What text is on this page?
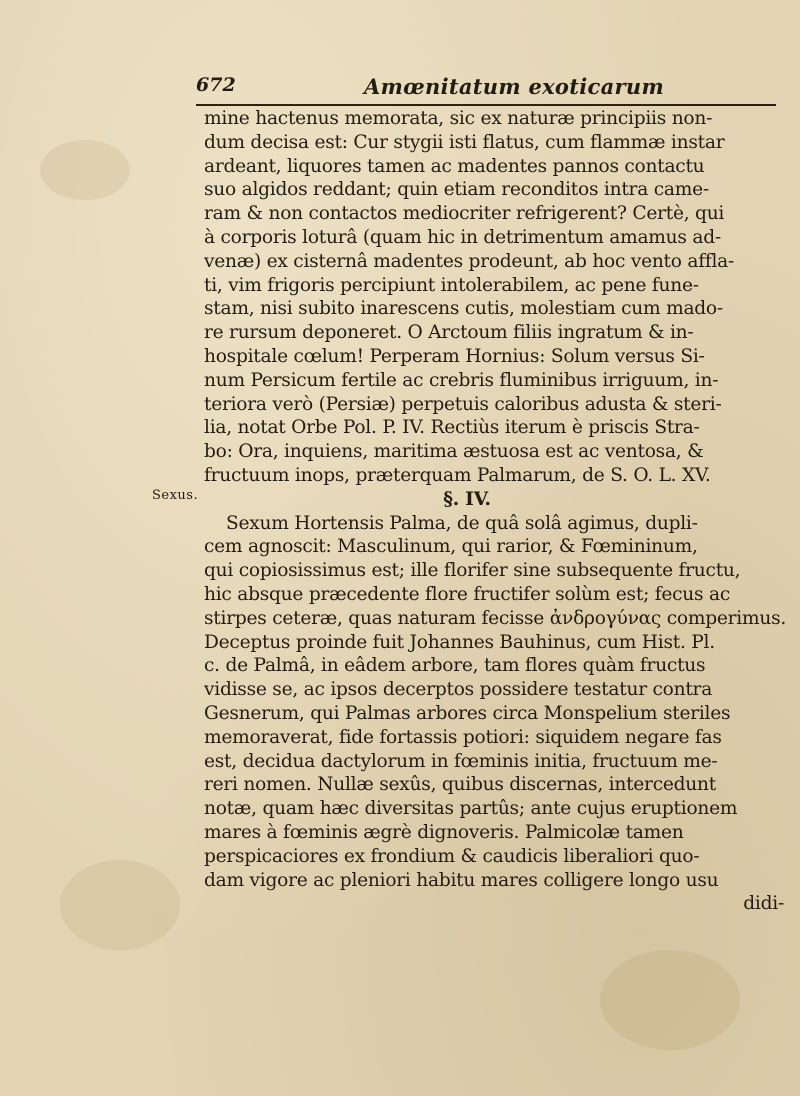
672	Amœnitatum exoticarum
Sexus.
mine hactenus memorata, sic ex naturæ principiis non-
dum decisa est: Cur stygii isti flatus, cum flammæ instar
ardeant, liquores tamen ac madentes pannos contactu
suo algidos reddant; quin etiam reconditos intra came-
ram & non contactos mediocriter refrigerent? Certè, qui
à corporis loturâ (quam hic in detrimentum amamus ad-
venæ) ex cisternâ madentes prodeunt, ab hoc vento affla-
ti, vim frigoris percipiunt intolerabilem, ac pene fune-
stam, nisi subito inarescens cutis, molestiam cum mado-
re rursum deponeret. O Arctoum filiis ingratum & in-
hospitale cœlum! Perperam Hornius: Solum versus Si-
num Persicum fertile ac crebris fluminibus irriguum, in-
teriora verò (Persiæ) perpetuis caloribus adusta & steri-
lia, notat Orbe Pol. P. IV. Rectiùs iterum è priscis Stra-
bo: Ora, inquiens, maritima æstuosa est ac ventosa, &
fructuum inops, præterquam Palmarum, de S. O. L. XV.
§. IV.
Sexum Hortensis Palma, de quâ solâ agimus, dupli-
cem agnoscit: Masculinum, qui rarior, & Fœmininum,
qui copiosissimus est; ille florifer sine subsequente fructu,
hic absque præcedente flore fructifer solùm est; fecus ac
stirpes ceteræ, quas naturam fecisse ἀνδρογύνας comperimus.
Deceptus proinde fuit Johannes Bauhinus, cum Hist. Pl.
c. de Palmâ, in eâdem arbore, tam flores quàm fructus
vidisse se, ac ipsos decerptos possidere testatur contra
Gesnerum, qui Palmas arbores circa Monspelium steriles
memoraverat, fide fortassis potiori: siquidem negare fas
est, decidua dactylorum in fœminis initia, fructuum me-
reri nomen. Nullæ sexûs, quibus discernas, intercedunt
notæ, quam hæc diversitas partûs; ante cujus eruptionem
mares à fœminis ægrè dignoveris. Palmicolæ tamen
perspicaciores ex frondium & caudicis liberaliori quo-
dam vigore ac pleniori habitu mares colligere longo usu
didi-
